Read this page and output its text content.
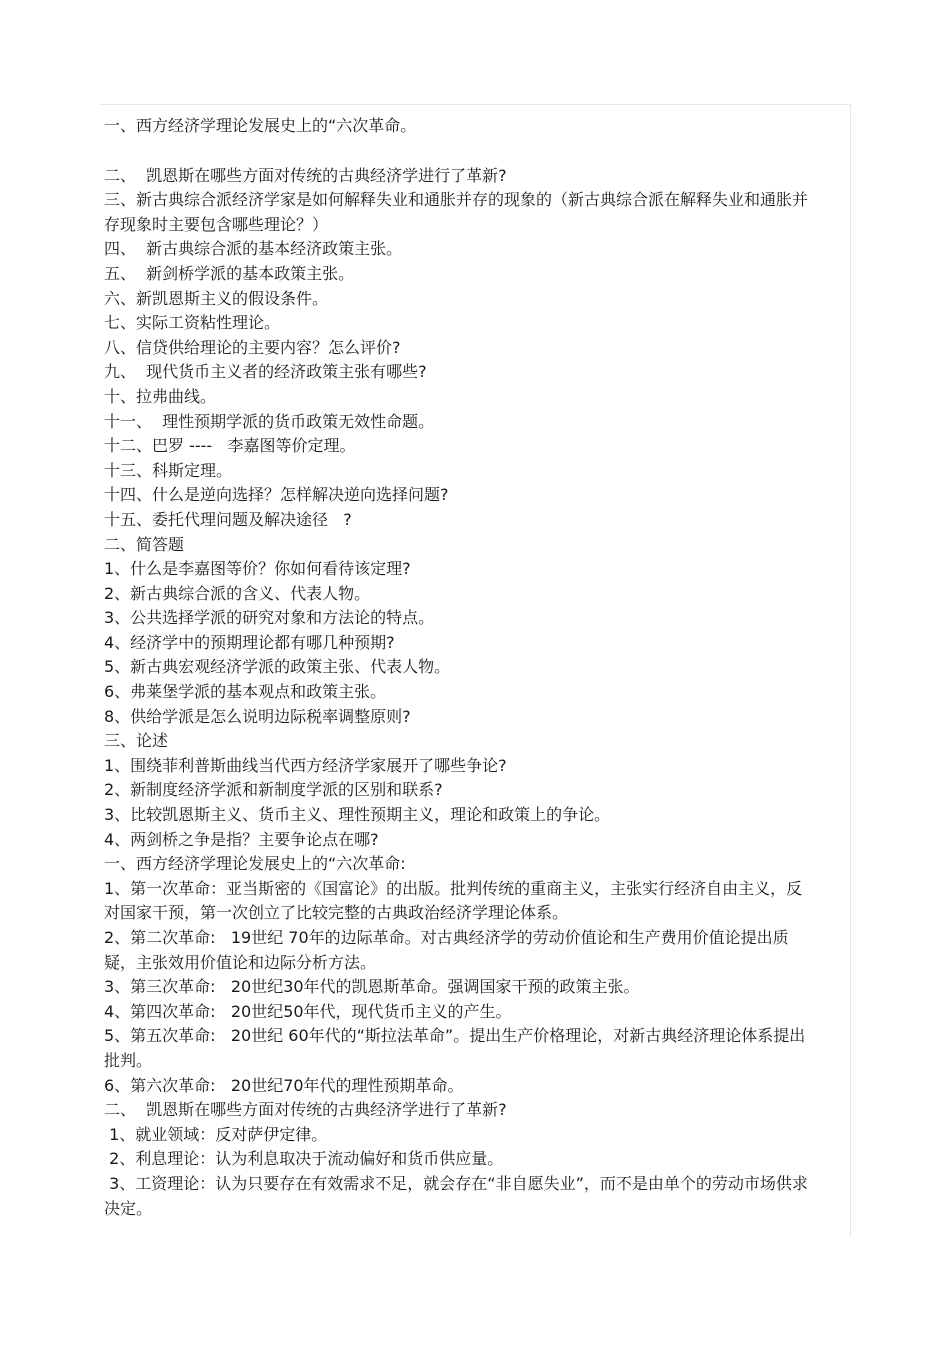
一、西方经济学理论发展史上的“六次革命。

二、  凯恩斯在哪些方面对传统的古典经济学进行了革新?

三、新古典综合派经济学家是如何解释失业和通胀并存的现象的（新古典综合派在解释失业和通胀并存现象时主要包含哪些理论？）

四、  新古典综合派的基本经济政策主张。

五、  新剑桥学派的基本政策主张。

六、新凯恩斯主义的假设条件。

七、实际工资粘性理论。

八、信贷供给理论的主要内容？怎么评价?

九、  现代货币主义者的经济政策主张有哪些?

十、拉弗曲线。

十一、  理性预期学派的货币政策无效性命题。

十二、巴罗 ----   李嘉图等价定理。

十三、科斯定理。

十四、什么是逆向选择？怎样解决逆向选择问题?

十五、委托代理问题及解决途径   ?

二、简答题

1、什么是李嘉图等价？你如何看待该定理?

2、新古典综合派的含义、代表人物。

3、公共选择学派的研究对象和方法论的特点。

4、经济学中的预期理论都有哪几种预期?

5、新古典宏观经济学派的政策主张、代表人物。

6、弗莱堡学派的基本观点和政策主张。

8、供给学派是怎么说明边际税率调整原则?

三、论述

1、围绕菲利普斯曲线当代西方经济学家展开了哪些争论?

2、新制度经济学派和新制度学派的区别和联系?

3、比较凯恩斯主义、货币主义、理性预期主义，理论和政策上的争论。

4、两剑桥之争是指？主要争论点在哪?

一、西方经济学理论发展史上的“六次革命:

1、第一次革命：亚当斯密的《国富论》的出版。批判传统的重商主义，主张实行经济自由主义，反对国家干预，第一次创立了比较完整的古典政治经济学理论体系。

2、第二次革命:   19世纪 70年的边际革命。对古典经济学的劳动价值论和生产费用价值论提出质疑，主张效用价值论和边际分析方法。

3、第三次革命:   20世纪30年代的凯恩斯革命。强调国家干预的政策主张。

4、第四次革命:   20世纪50年代，现代货币主义的产生。

5、第五次革命:   20世纪 60年代的“斯拉法革命”。提出生产价格理论，对新古典经济理论体系提出批判。

6、第六次革命:   20世纪70年代的理性预期革命。

二、  凯恩斯在哪些方面对传统的古典经济学进行了革新?

1、就业领域：反对萨伊定律。

2、利息理论：认为利息取决于流动偏好和货币供应量。

3、工资理论：认为只要存在有效需求不足，就会存在“非自愿失业”，而不是由单个的劳动市场供求决定。
